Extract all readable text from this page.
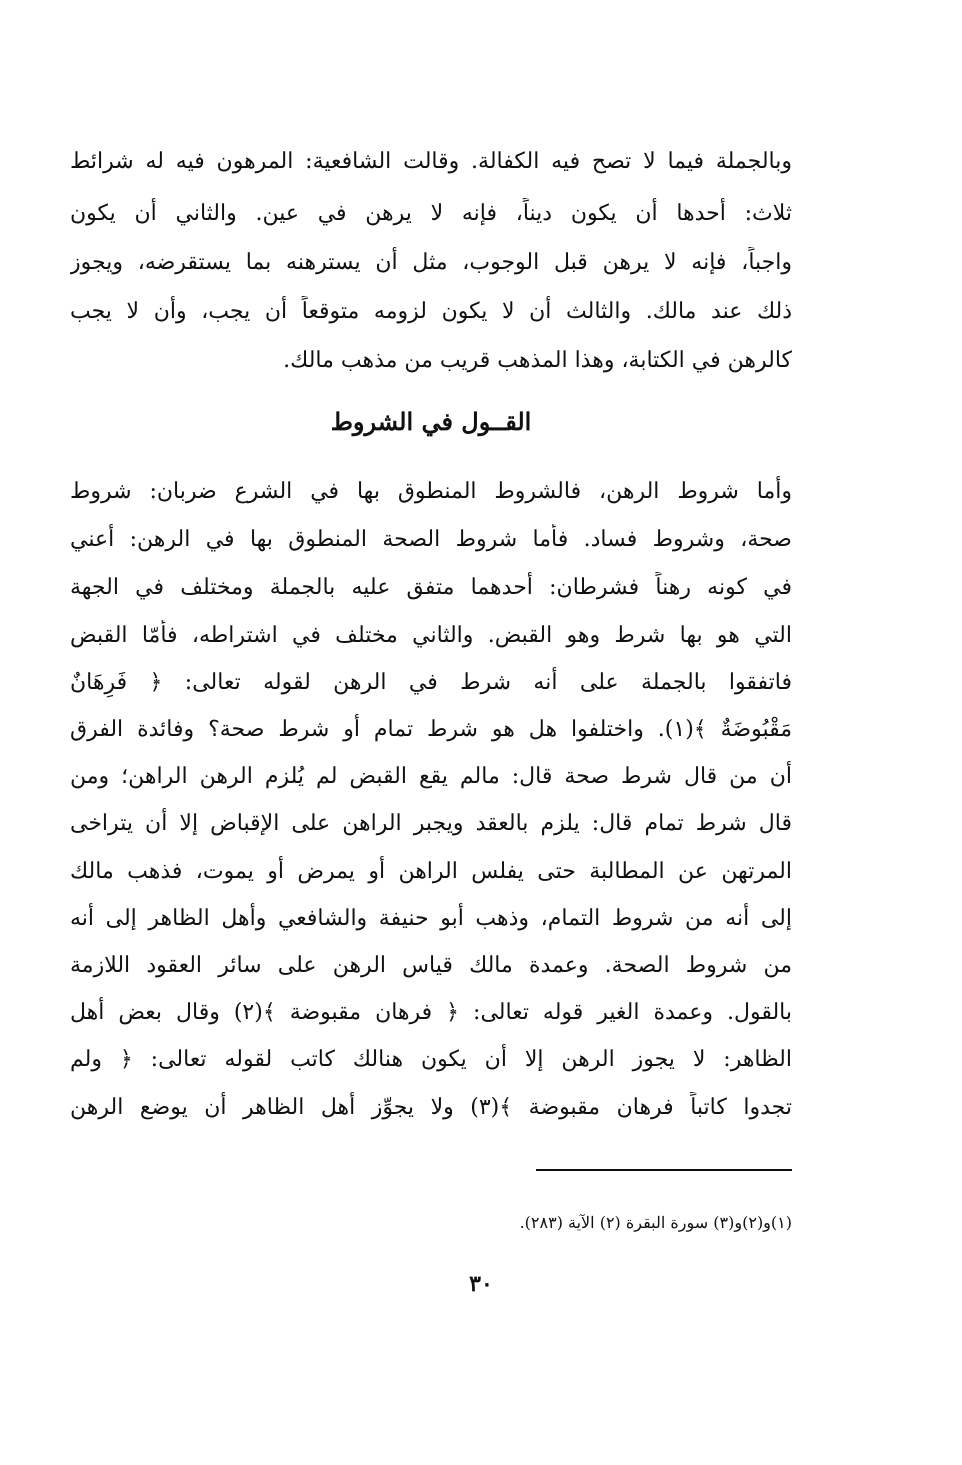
وبالجملة فيما لا تصح فيه الكفالة. وقالت الشافعية: المرهون فيه له شرائط
ثلاث: أحدها أن يكون ديناً، فإنه لا يرهن في عين. والثاني أن يكون
واجباً، فإنه لا يرهن قبل الوجوب، مثل أن يسترهنه بما يستقرضه، ويجوز
ذلك عند مالك. والثالث أن لا يكون لزومه متوقعاً أن يجب، وأن لا يجب
كالرهن في الكتابة، وهذا المذهب قريب من مذهب مالك.
القــول في الشروط
وأما شروط الرهن، فالشروط المنطوق بها في الشرع ضربان: شروط
صحة، وشروط فساد. فأما شروط الصحة المنطوق بها في الرهن: أعني
في كونه رهناً فشرطان: أحدهما متفق عليه بالجملة ومختلف في الجهة
التي هو بها شرط وهو القبض. والثاني مختلف في اشتراطه، فأمّا القبض
فاتفقوا بالجملة على أنه شرط في الرهن لقوله تعالى: ﴿ فَرِهَانٌ
مَقْبُوضَةٌ ﴾(١). واختلفوا هل هو شرط تمام أو شرط صحة؟ وفائدة الفرق
أن من قال شرط صحة قال: مالم يقع القبض لم يُلزم الرهن الراهن؛ ومن
قال شرط تمام قال: يلزم بالعقد ويجبر الراهن على الإقباض إلا أن يتراخى
المرتهن عن المطالبة حتى يفلس الراهن أو يمرض أو يموت، فذهب مالك
إلى أنه من شروط التمام، وذهب أبو حنيفة والشافعي وأهل الظاهر إلى أنه
من شروط الصحة. وعمدة مالك قياس الرهن على سائر العقود اللازمة
بالقول. وعمدة الغير قوله تعالى: ﴿ فرهان مقبوضة ﴾(٢) وقال بعض أهل
الظاهر: لا يجوز الرهن إلا أن يكون هنالك كاتب لقوله تعالى: ﴿ ولم
تجدوا كاتباً فرهان مقبوضة ﴾(٣) ولا يجوِّز أهل الظاهر أن يوضع الرهن
(١)و(٢)و(٣) سورة البقرة (٢) الآية (٢٨٣).
٣٠
